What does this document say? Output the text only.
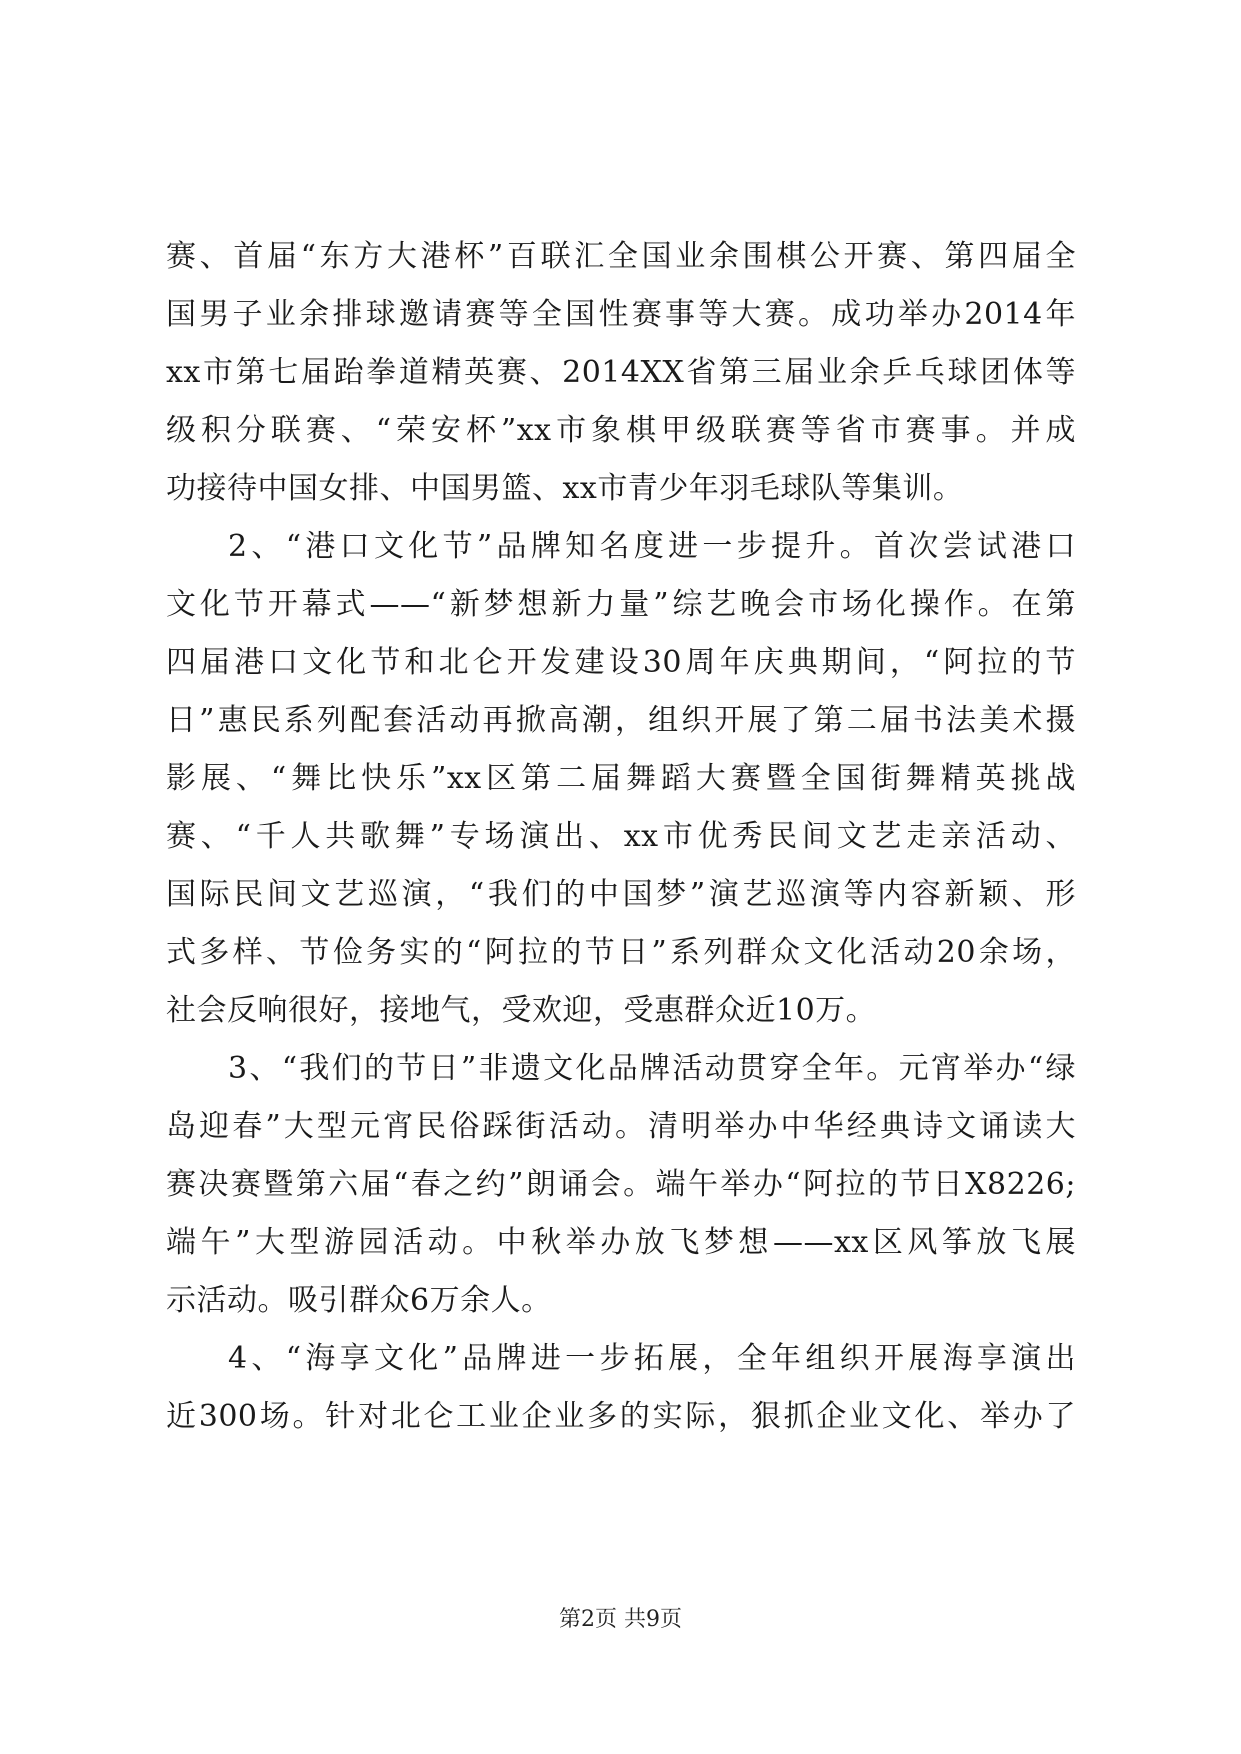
赛、首届“东方大港杯”百联汇全国业余围棋公开赛、第四届全
国男子业余排球邀请赛等全国性赛事等大赛。成功举办2014年
xx市第七届跆拳道精英赛、2014XX省第三届业余乒乓球团体等
级积分联赛、“荣安杯”xx市象棋甲级联赛等省市赛事。并成
功接待中国女排、中国男篮、xx市青少年羽毛球队等集训。
2、“港口文化节”品牌知名度进一步提升。首次尝试港口
文化节开幕式——“新梦想新力量”综艺晚会市场化操作。在第
四届港口文化节和北仑开发建设30周年庆典期间，“阿拉的节
日”惠民系列配套活动再掀高潮，组织开展了第二届书法美术摄
影展、“舞比快乐”xx区第二届舞蹈大赛暨全国街舞精英挑战
赛、“千人共歌舞”专场演出、xx市优秀民间文艺走亲活动、
国际民间文艺巡演，“我们的中国梦”演艺巡演等内容新颖、形
式多样、节俭务实的“阿拉的节日”系列群众文化活动20余场，
社会反响很好，接地气，受欢迎，受惠群众近10万。
3、“我们的节日”非遗文化品牌活动贯穿全年。元宵举办“绿
岛迎春”大型元宵民俗踩街活动。清明举办中华经典诗文诵读大
赛决赛暨第六届“春之约”朗诵会。端午举办“阿拉的节日X8226;
端午”大型游园活动。中秋举办放飞梦想——xx区风筝放飞展
示活动。吸引群众6万余人。
4、“海享文化”品牌进一步拓展，全年组织开展海享演出
近300场。针对北仑工业企业多的实际，狠抓企业文化、举办了
第2页 共9页
